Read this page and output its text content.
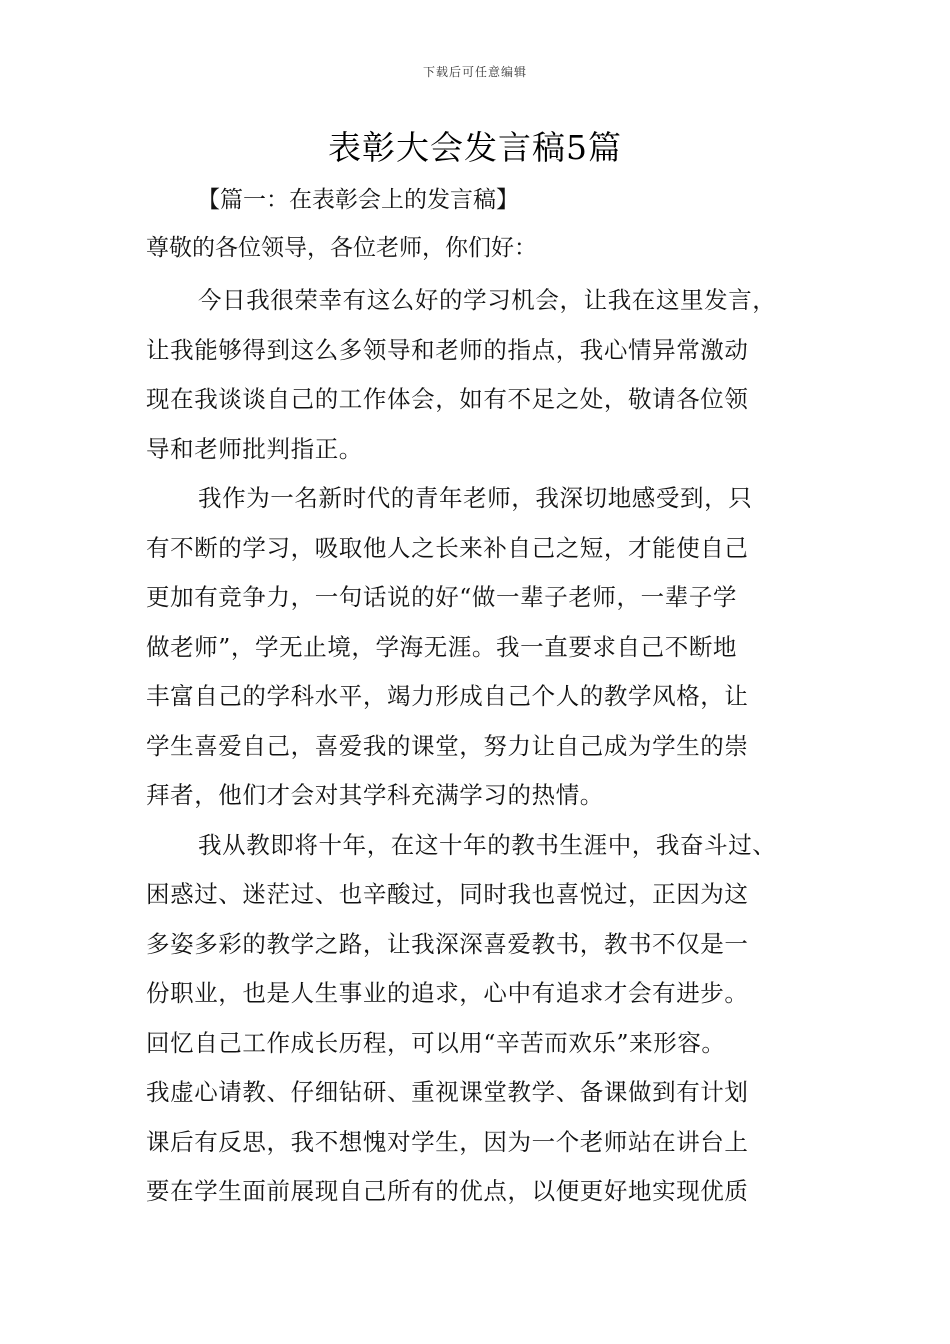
下载后可任意编辑
表彰大会发言稿5篇
【篇一：在表彰会上的发言稿】
尊敬的各位领导，各位老师，你们好：
今日我很荣幸有这么好的学习机会，让我在这里发言，
让我能够得到这么多领导和老师的指点，我心情异常激动
现在我谈谈自己的工作体会，如有不足之处，敬请各位领
导和老师批判指正。
我作为一名新时代的青年老师，我深切地感受到，只
有不断的学习，吸取他人之长来补自己之短，才能使自己
更加有竞争力，一句话说的好“做一辈子老师，一辈子学
做老师”，学无止境，学海无涯。我一直要求自己不断地
丰富自己的学科水平，竭力形成自己个人的教学风格，让
学生喜爱自己，喜爱我的课堂，努力让自己成为学生的崇
拜者，他们才会对其学科充满学习的热情。
我从教即将十年，在这十年的教书生涯中，我奋斗过、
困惑过、迷茫过、也辛酸过，同时我也喜悦过，正因为这
多姿多彩的教学之路，让我深深喜爱教书，教书不仅是一
份职业，也是人生事业的追求，心中有追求才会有进步。
回忆自己工作成长历程，可以用“辛苦而欢乐”来形容。
我虚心请教、仔细钻研、重视课堂教学、备课做到有计划
课后有反思，我不想愧对学生，因为一个老师站在讲台上
要在学生面前展现自己所有的优点，以便更好地实现优质
